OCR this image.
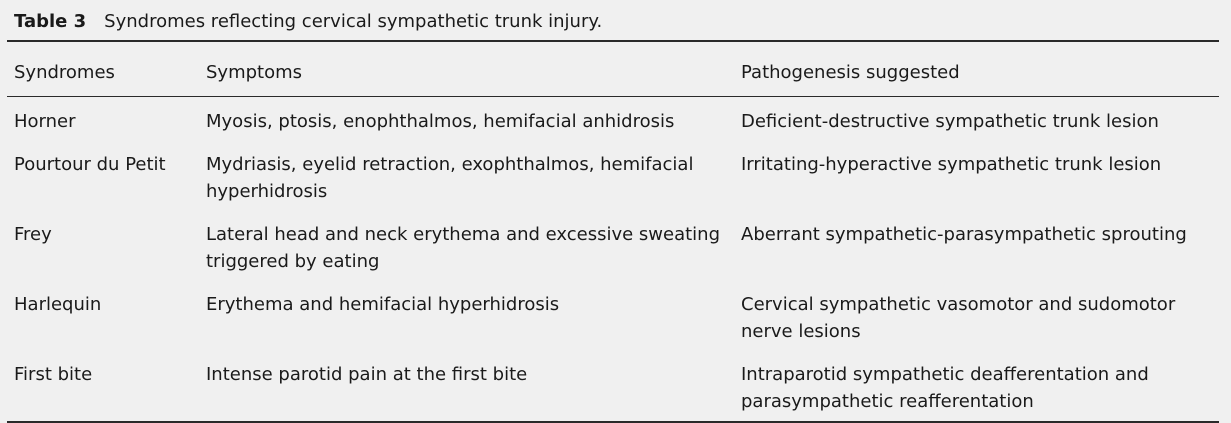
Table 3 Syndromes reflecting cervical sympathetic trunk injury.
Syndromes	Symptoms	Pathogenesis suggested
Horner	Myosis, ptosis, enophthalmos, hemifacial anhidrosis	Deficient-destructive sympathetic trunk lesion
Pourtour du Petit	Mydriasis, eyelid retraction, exophthalmos, hemifacial hyperhidrosis	Irritating-hyperactive sympathetic trunk lesion
Frey	Lateral head and neck erythema and excessive sweating triggered by eating	Aberrant sympathetic-parasympathetic sprouting
Harlequin	Erythema and hemifacial hyperhidrosis	Cervical sympathetic vasomotor and sudomotor nerve lesions
First bite	Intense parotid pain at the first bite	Intraparotid sympathetic deafferentation and parasympathetic reafferentation
